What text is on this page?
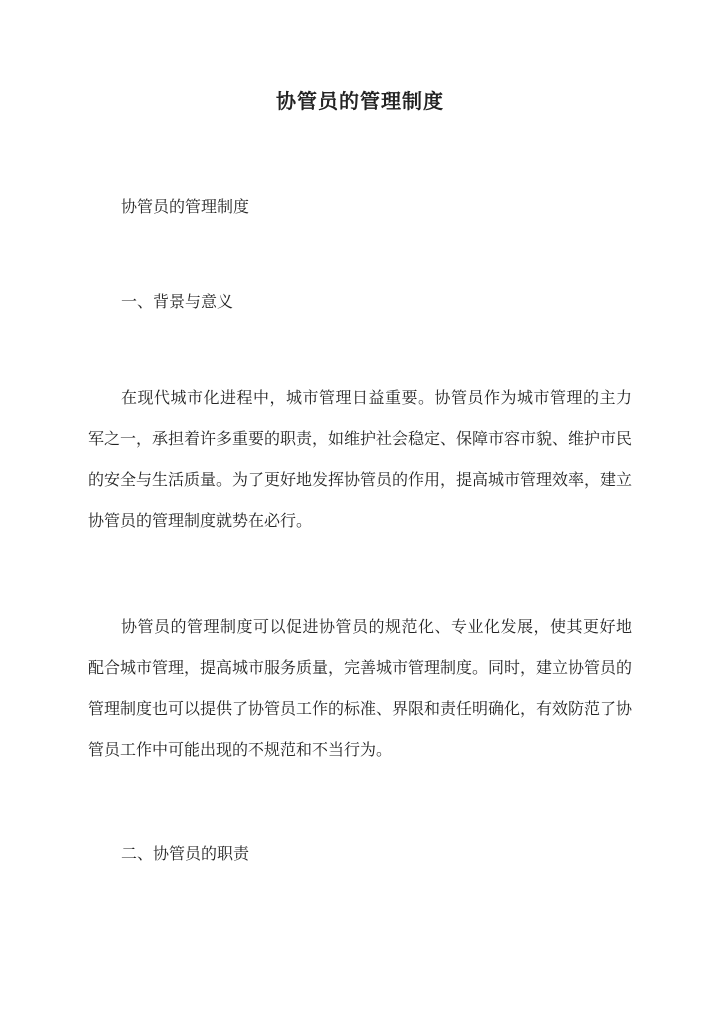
协管员的管理制度
协管员的管理制度
一、背景与意义
在现代城市化进程中，城市管理日益重要。协管员作为城市管理的主力军之一，承担着许多重要的职责，如维护社会稳定、保障市容市貌、维护市民的安全与生活质量。为了更好地发挥协管员的作用，提高城市管理效率，建立协管员的管理制度就势在必行。
协管员的管理制度可以促进协管员的规范化、专业化发展，使其更好地配合城市管理，提高城市服务质量，完善城市管理制度。同时，建立协管员的管理制度也可以提供了协管员工作的标准、界限和责任明确化，有效防范了协管员工作中可能出现的不规范和不当行为。
二、协管员的职责
